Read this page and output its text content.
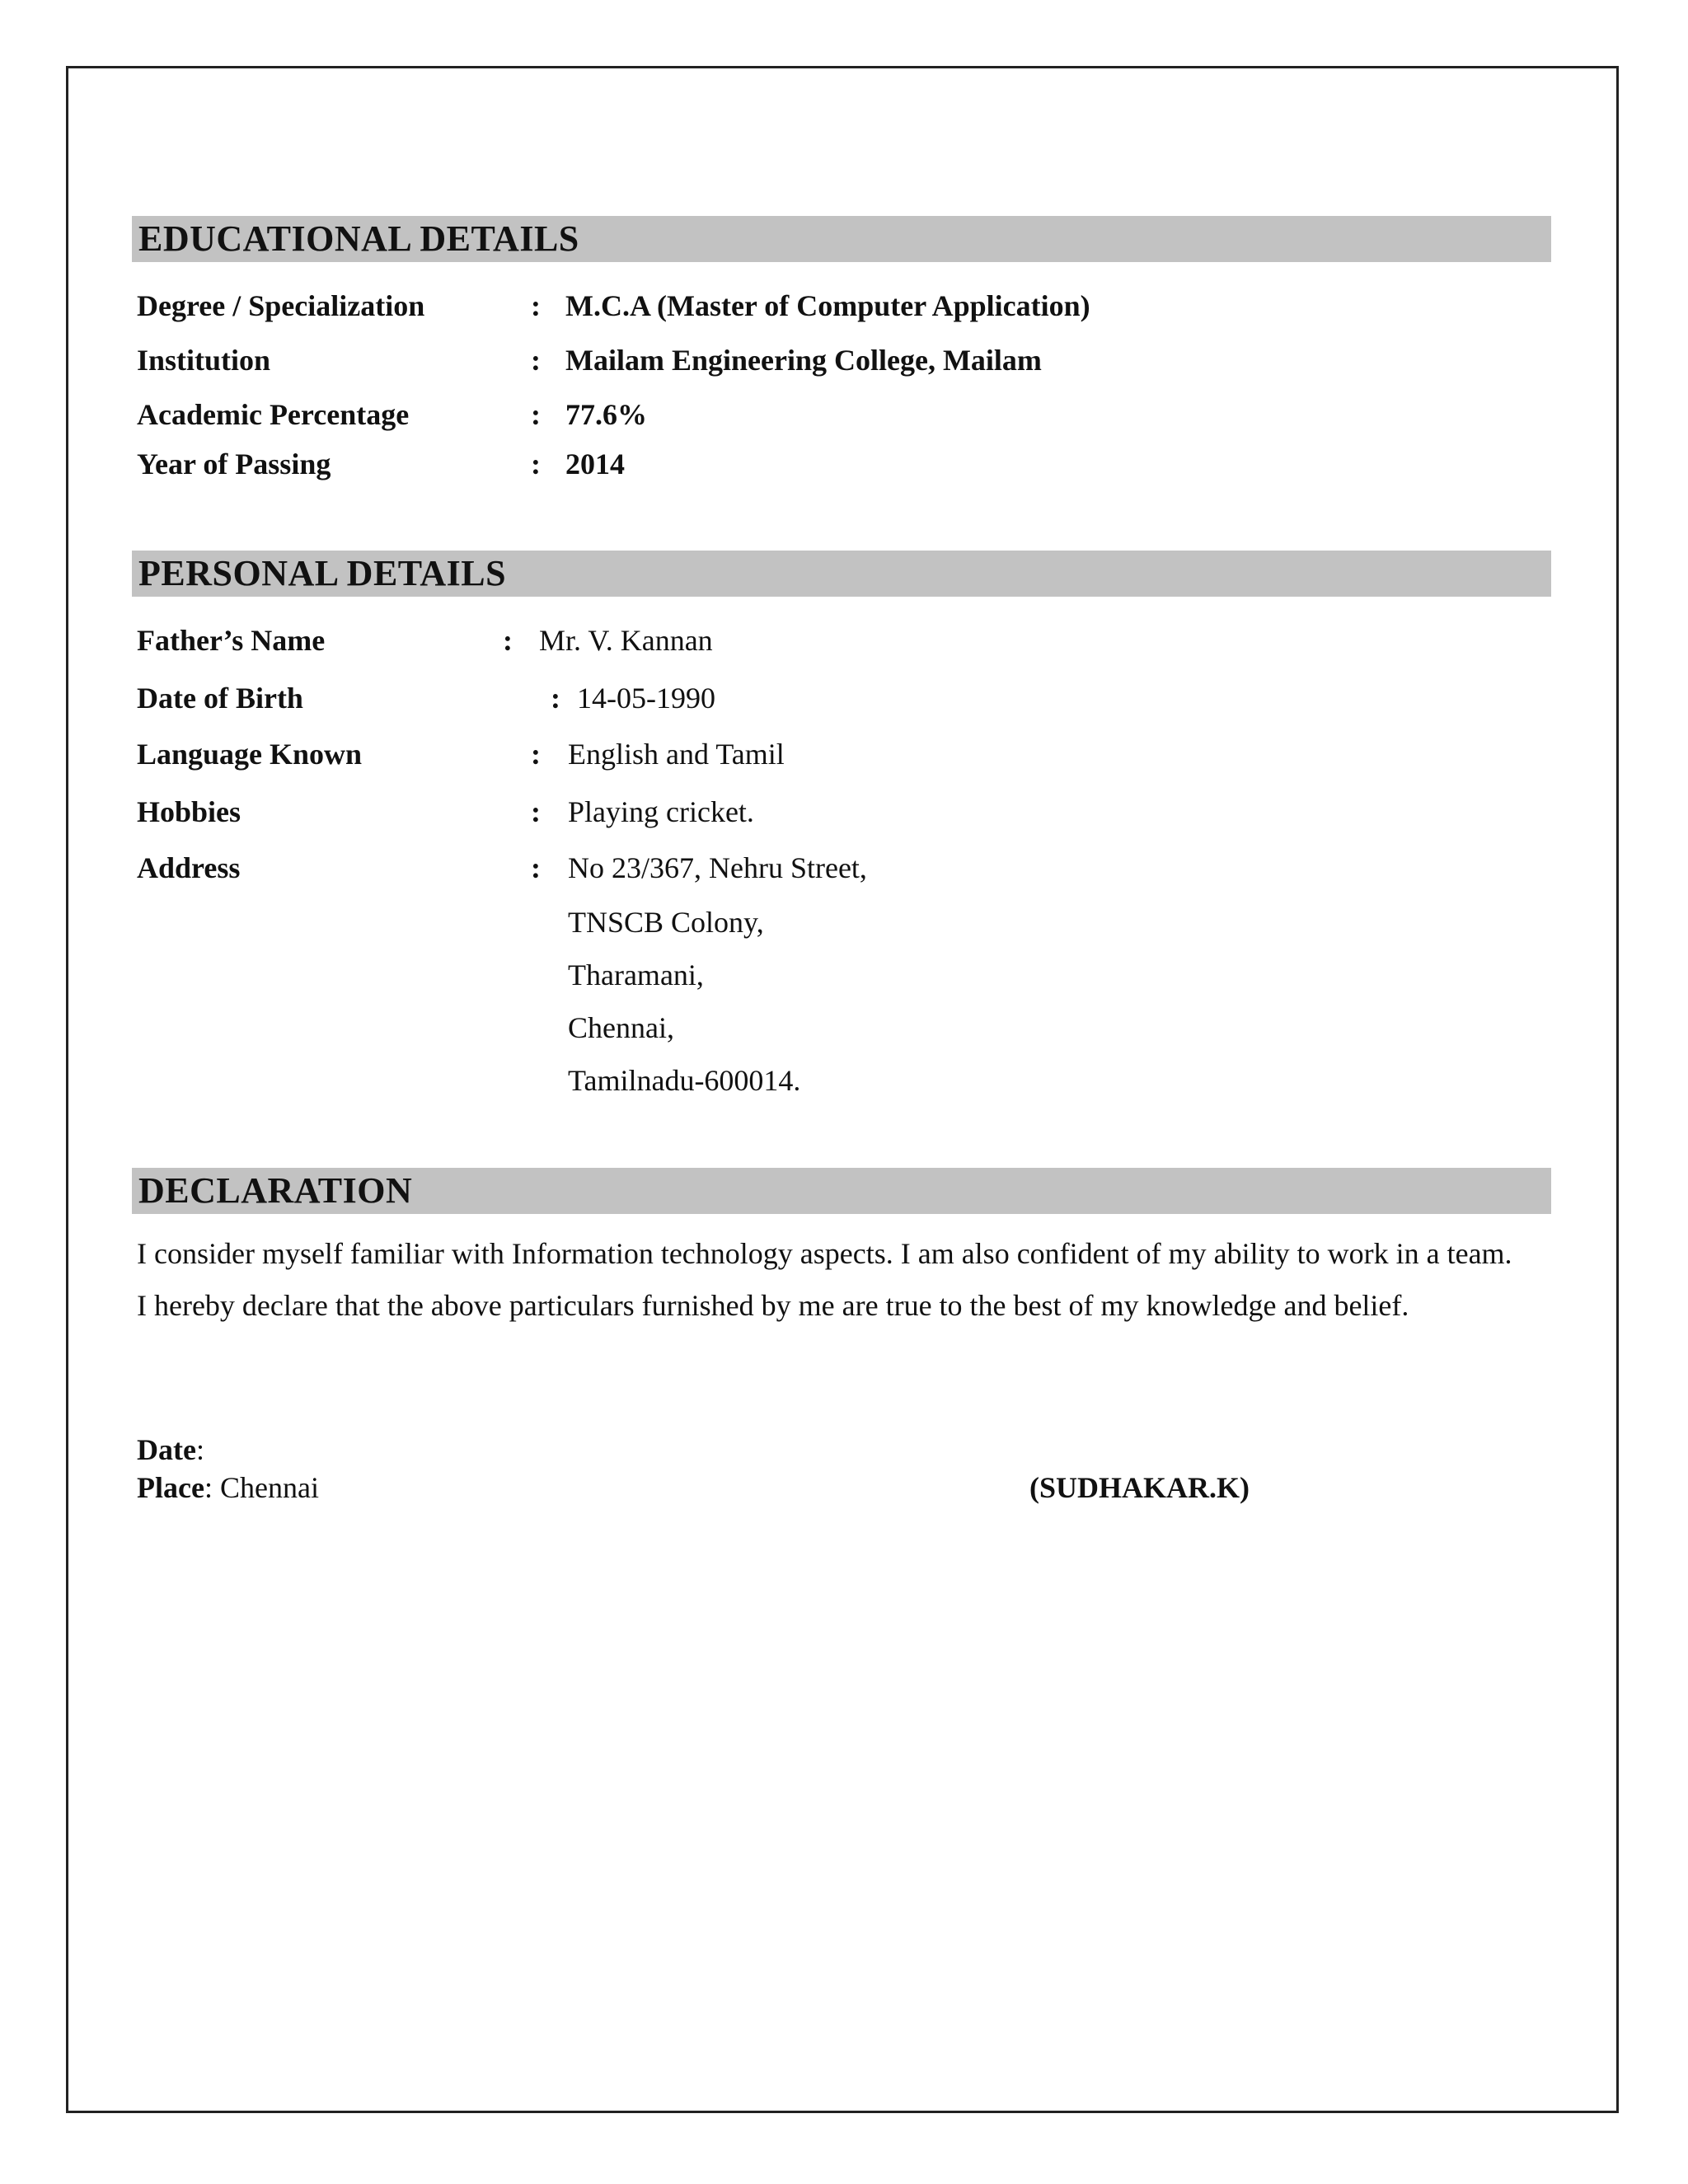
EDUCATIONAL DETAILS
Degree / Specialization	: M.C.A (Master of Computer Application)
Institution	: Mailam Engineering College, Mailam
Academic Percentage	: 77.6%
Year of Passing	: 2014
PERSONAL DETAILS
Father’s Name	: Mr. V. Kannan
Date of Birth	: 14-05-1990
Language Known	: English and Tamil
Hobbies	: Playing cricket.
Address	: No 23/367, Nehru Street,
TNSCB Colony,
Tharamani,
Chennai,
Tamilnadu-600014.
DECLARATION
I consider myself familiar with Information technology aspects. I am also confident of my ability to work in a team.
I hereby declare that the above particulars furnished by me are true to the best of my knowledge and belief.
Date:
Place: Chennai	(SUDHAKAR.K)
